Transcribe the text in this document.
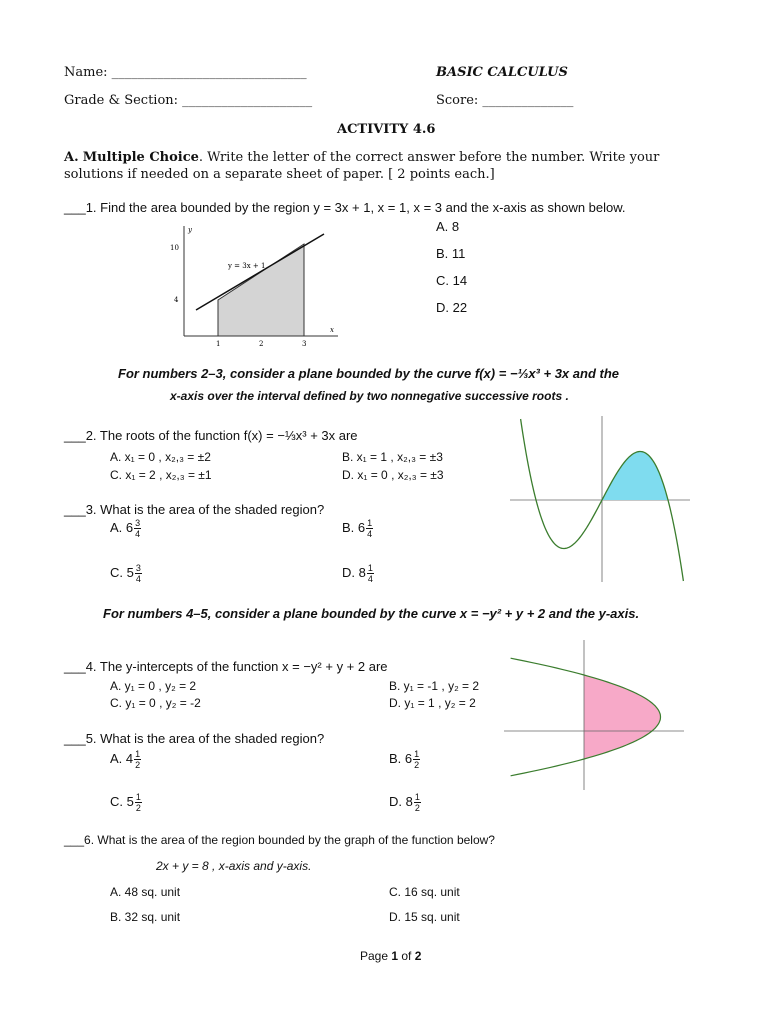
Name: ______________________________	BASIC CALCULUS
Grade & Section: ____________________	Score: ______________
ACTIVITY 4.6
A. Multiple Choice. Write the letter of the correct answer before the number. Write your
solutions if needed on a separate sheet of paper. [ 2 points each.]
___1. Find the area bounded by the region y = 3x + 1, x = 1, x = 3 and the x-axis as shown below.
A. 8
B. 11
C. 14
D. 22
y
x
y = 3x + 1
10
4
1	2	3
For numbers 2–3, consider a plane bounded by the curve f(x) = −⅓x³ + 3x and the
x-axis over the interval defined by two nonnegative successive roots .
___2. The roots of the function f(x) = −⅓x³ + 3x are
A. x₁ = 0 , x₂,₃ = ±2	B. x₁ = 1 , x₂,₃ = ±3
C. x₁ = 2 , x₂,₃ = ±1	D. x₁ = 0 , x₂,₃ = ±3
___3. What is the area of the shaded region?
A. $6 \frac{3}{4}$	B. $6 \frac{1}{4}$
C. $5 \frac{3}{4}$	D. $8 \frac{1}{4}$
For numbers 4–5, consider a plane bounded by the curve x = −y² + y + 2 and the y-axis.
___4. The y-intercepts of the function x = −y² + y + 2 are
A. y₁ = 0 , y₂ = 2	B. y₁ = -1 , y₂ = 2
C. y₁ = 0 , y₂ = -2	D. y₁ = 1 , y₂ = 2
___5. What is the area of the shaded region?
A. $4 \frac{1}{2}$	B. $6 \frac{1}{2}$
C. $5 \frac{1}{2}$	D. $8 \frac{1}{2}$
___6. What is the area of the region bounded by the graph of the function below?
2x + y = 8 , x-axis and y-axis.
A. 48 sq. unit	C. 16 sq. unit
B. 32 sq. unit	D. 15 sq. unit
Page 1 of 2
